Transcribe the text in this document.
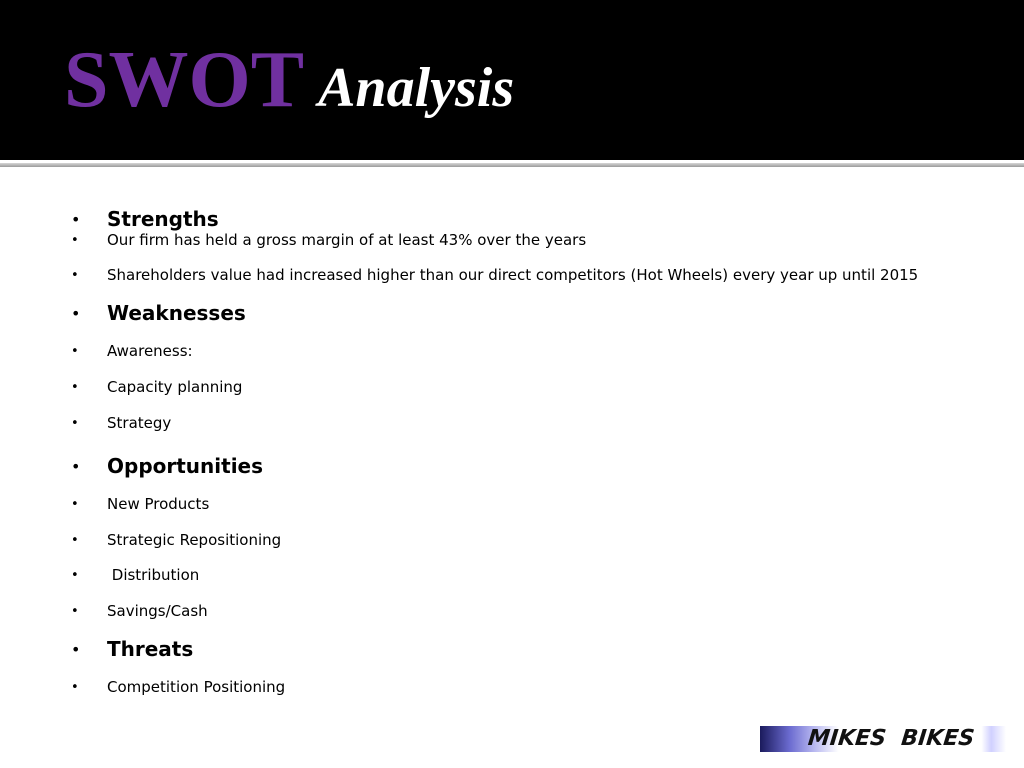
SWOT Analysis
• Strengths
• Our firm has held a gross margin of at least 43% over the years
• Shareholders value had increased higher than our direct competitors (Hot Wheels) every year up until 2015
• Weaknesses
• Awareness:
• Capacity planning
• Strategy
• Opportunities
• New Products
• Strategic Repositioning
• Distribution
• Savings/Cash
• Threats
• Competition Positioning
MIKES  BIKES
